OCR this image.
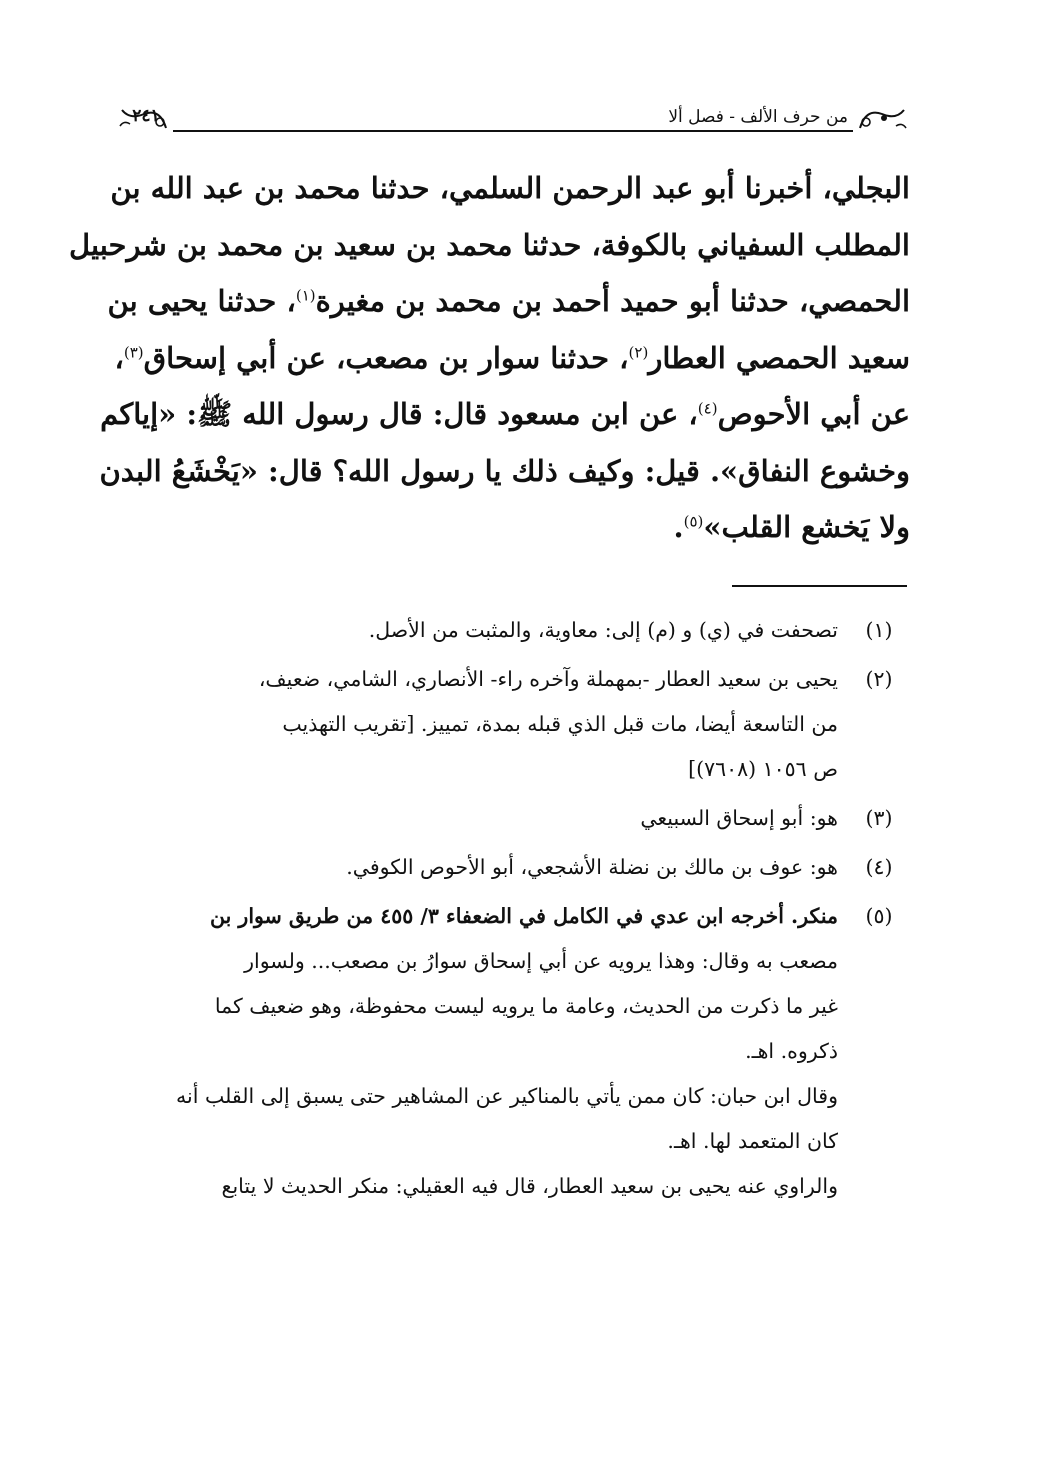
من حرف الألف - فصل ألا
٢٤١
البجلي، أخبرنا أبو عبد الرحمن السلمي، حدثنا محمد بن عبد الله بن
المطلب السفياني بالكوفة، حدثنا محمد بن سعيد بن محمد بن شرحبيل
الحمصي، حدثنا أبو حميد أحمد بن محمد بن مغيرة$^{(١)}$، حدثنا يحيى بن
سعيد الحمصي العطار$^{(٢)}$، حدثنا سوار بن مصعب، عن أبي إسحاق$^{(٣)}$،
عن أبي الأحوص$^{(٤)}$، عن ابن مسعود قال: قال رسول الله ﷺ: «إياكم
وخشوع النفاق». قيل: وكيف ذلك يا رسول الله؟ قال: «يَخْشَعُ البدن
ولا يَخشع القلب»$^{(٥)}$.
(١)
تصحفت في (ي) و (م) إلى: معاوية، والمثبت من الأصل.
(٢)
يحيى بن سعيد العطار -بمهملة وآخره راء- الأنصاري، الشامي، ضعيف،
من التاسعة أيضا، مات قبل الذي قبله بمدة، تمييز. [تقريب التهذيب
ص ١٠٥٦ (٧٦٠٨)]
(٣)
هو: أبو إسحاق السبيعي
(٤)
هو: عوف بن مالك بن نضلة الأشجعي، أبو الأحوص الكوفي.
(٥)
منكر. أخرجه ابن عدي في الكامل في الضعفاء ٣/ ٤٥٥ من طريق سوار بن
مصعب به وقال: وهذا يرويه عن أبي إسحاق سوارُ بن مصعب... ولسوار
غير ما ذكرت من الحديث، وعامة ما يرويه ليست محفوظة، وهو ضعيف كما
ذكروه. اهـ.
وقال ابن حبان: كان ممن يأتي بالمناكير عن المشاهير حتى يسبق إلى القلب أنه
كان المتعمد لها. اهـ.
والراوي عنه يحيى بن سعيد العطار، قال فيه العقيلي: منكر الحديث لا يتابع
